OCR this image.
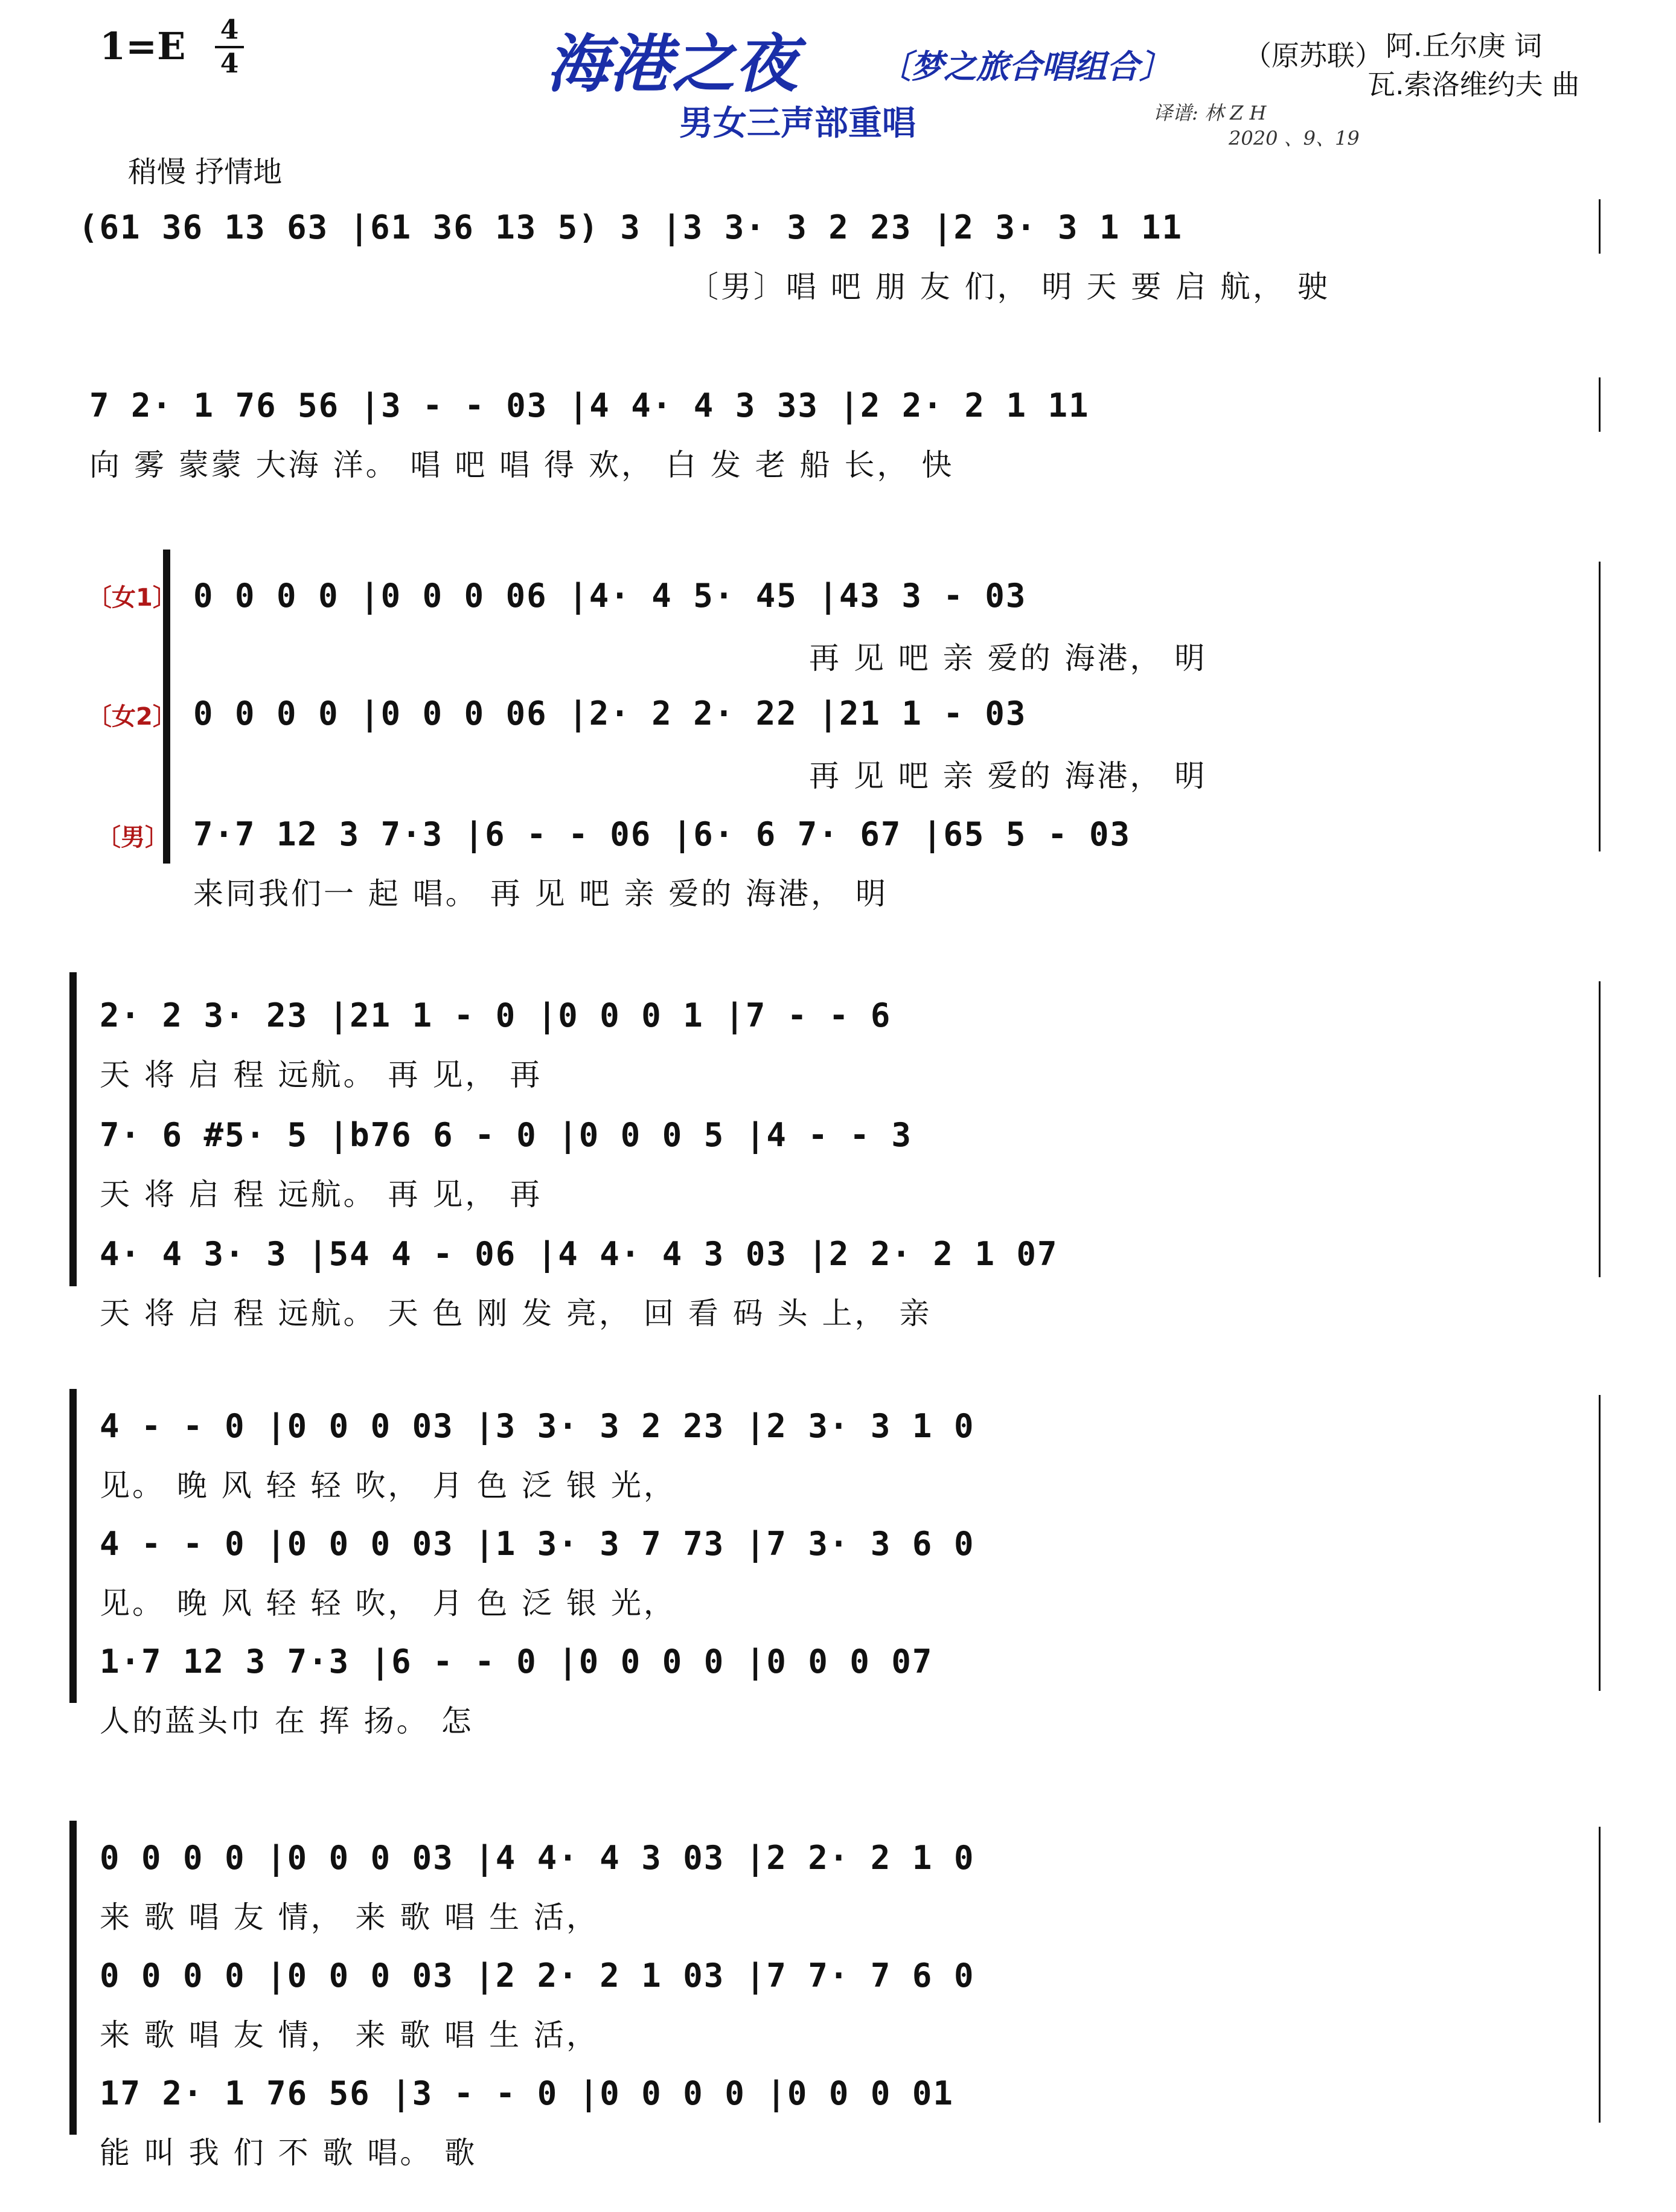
1=E	4
4	海港之夜 〔梦之旅合唱组合〕
男女三声部重唱
（原苏联） 阿.丘尔庚 词
瓦.索洛维约夫 曲
译谱: 林 Z H
2020 、9、19
稍慢 抒情地
(61 36 13 63 |61 36 13 5) 3 |3 3· 3 2 23 |2 3· 3 1 11
〔男〕唱 吧 朋 友 们， 明 天 要 启 航， 驶
7 2· 1 76 56 |3 - - 03 |4 4· 4 3 33 |2 2· 2 1 11
向 雾 蒙蒙 大海 洋。 唱 吧 唱 得 欢， 白 发 老 船 长， 快
〔女1〕
〔女2〕
〔男〕
0 0 0 0 |0 0 0 06 |4· 4 5· 45 |43 3 - 03
再 见 吧 亲 爱的 海港， 明
0 0 0 0 |0 0 0 06 |2· 2 2· 22 |21 1 - 03
再 见 吧 亲 爱的 海港， 明
7·7 12 3 7·3 |6 - - 06 |6· 6 7· 67 |65 5 - 03
来同我们一 起 唱。 再 见 吧 亲 爱的 海港， 明
2· 2 3· 23 |21 1 - 0 |0 0 0 1 |7 - - 6
天 将 启 程 远航。 再 见， 再
7· 6 #5· 5 |b76 6 - 0 |0 0 0 5 |4 - - 3
天 将 启 程 远航。 再 见， 再
4· 4 3· 3 |54 4 - 06 |4 4· 4 3 03 |2 2· 2 1 07
天 将 启 程 远航。 天 色 刚 发 亮， 回 看 码 头 上， 亲
4 - - 0 |0 0 0 03 |3 3· 3 2 23 |2 3· 3 1 0
见。 晚 风 轻 轻 吹， 月 色 泛 银 光，
4 - - 0 |0 0 0 03 |1 3· 3 7 73 |7 3· 3 6 0
见。 晚 风 轻 轻 吹， 月 色 泛 银 光，
1·7 12 3 7·3 |6 - - 0 |0 0 0 0 |0 0 0 07
人的蓝头巾 在 挥 扬。 怎
0 0 0 0 |0 0 0 03 |4 4· 4 3 03 |2 2· 2 1 0
来 歌 唱 友 情， 来 歌 唱 生 活，
0 0 0 0 |0 0 0 03 |2 2· 2 1 03 |7 7· 7 6 0
来 歌 唱 友 情， 来 歌 唱 生 活，
17 2· 1 76 56 |3 - - 0 |0 0 0 0 |0 0 0 01
能 叫 我 们 不 歌 唱。 歌
